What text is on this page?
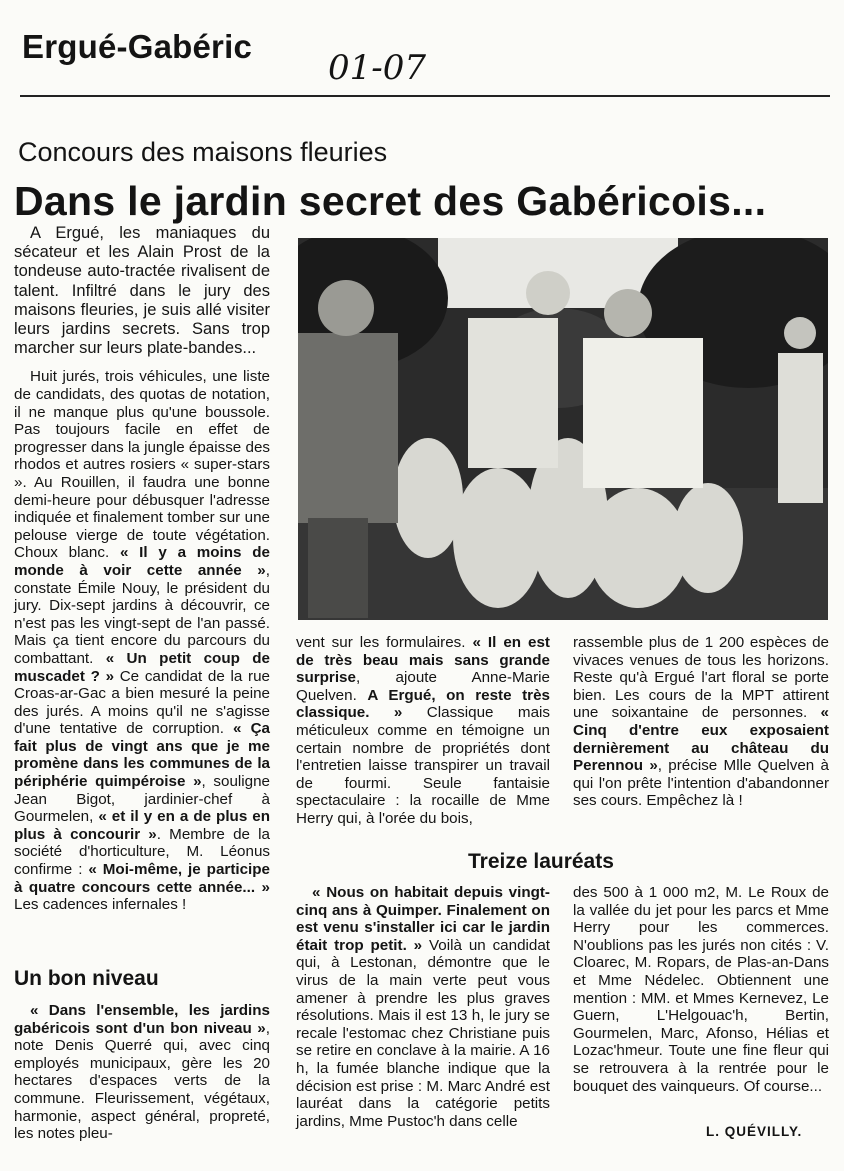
Ergué-Gabéric
01-07
Concours des maisons fleuries
Dans le jardin secret des Gabéricois...

A Ergué, les maniaques du sécateur et les Alain Prost de la tondeuse auto-tractée rivalisent de talent. Infiltré dans le jury des maisons fleuries, je suis allé visiter leurs jardins secrets. Sans trop marcher sur leurs plate-bandes...

Huit jurés, trois véhicules, une liste de candidats, des quotas de notation, il ne manque plus qu'une boussole. Pas toujours facile en effet de progresser dans la jungle épaisse des rhodos et autres rosiers « super-stars ». Au Rouillen, il faudra une bonne demi-heure pour débusquer l'adresse indiquée et finalement tomber sur une pelouse vierge de toute végétation. Choux blanc. « Il y a moins de monde à voir cette année », constate Émile Nouy, le président du jury. Dix-sept jardins à découvrir, ce n'est pas les vingt-sept de l'an passé. Mais ça tient encore du parcours du combattant. « Un petit coup de muscadet ? » Ce candidat de la rue Croas-ar-Gac a bien mesuré la peine des jurés. A moins qu'il ne s'agisse d'une tentative de corruption. « Ça fait plus de vingt ans que je me promène dans les communes de la périphérie quimpéroise », souligne Jean Bigot, jardinier-chef à Gourmelen, « et il y en a de plus en plus à concourir ». Membre de la société d'horticulture, M. Léonus confirme : « Moi-même, je participe à quatre concours cette année... » Les cadences infernales !

Un bon niveau

« Dans l'ensemble, les jardins gabéricois sont d'un bon niveau », note Denis Querré qui, avec cinq employés municipaux, gère les 20 hectares d'espaces verts de la commune. Fleurissement, végétaux, harmonie, aspect général, propreté, les notes pleu-

vent sur les formulaires. « Il en est de très beau mais sans grande surprise, ajoute Anne-Marie Quelven. A Ergué, on reste très classique. » Classique mais méticuleux comme en témoigne un certain nombre de propriétés dont l'entretien laisse transpirer un travail de fourmi. Seule fantaisie spectaculaire : la rocaille de Mme Herry qui, à l'orée du bois,

rassemble plus de 1 200 espèces de vivaces venues de tous les horizons. Reste qu'à Ergué l'art floral se porte bien. Les cours de la MPT attirent une soixantaine de personnes. « Cinq d'entre eux exposaient dernièrement au château du Perennou », précise Mlle Quelven à qui l'on prête l'intention d'abandonner ses cours. Empêchez là !

Treize lauréats

« Nous on habitait depuis vingt-cinq ans à Quimper. Finalement on est venu s'installer ici car le jardin était trop petit. » Voilà un candidat qui, à Lestonan, démontre que le virus de la main verte peut vous amener à prendre les plus graves résolutions. Mais il est 13 h, le jury se recale l'estomac chez Christiane puis se retire en conclave à la mairie. A 16 h, la fumée blanche indique que la décision est prise : M. Marc André est lauréat dans la catégorie petits jardins, Mme Pustoc'h dans celle

des 500 à 1 000 m2, M. Le Roux de la vallée du jet pour les parcs et Mme Herry pour les commerces. N'oublions pas les jurés non cités : V. Cloarec, M. Ropars, de Plas-an-Dans et Mme Nédelec. Obtiennent une mention : MM. et Mmes Kernevez, Le Guern, L'Helgouac'h, Bertin, Gourmelen, Marc, Afonso, Hélias et Lozac'hmeur. Toute une fine fleur qui se retrouvera à la rentrée pour le bouquet des vainqueurs. Of course...

L. QUÉVILLY.
